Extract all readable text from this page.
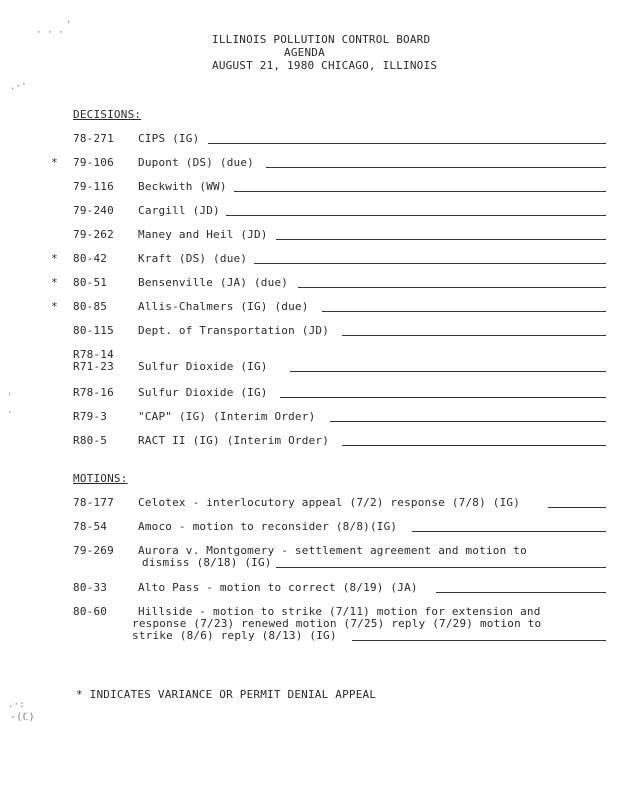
ILLINOIS POLLUTION CONTROL BOARD
AGENDA
AUGUST 21, 1980 CHICAGO, ILLINOIS
· · ·
'
.·'
'
·
.·:
·(ℂ)
DECISIONS:
78-271 CIPS (IG)
* 79-106 Dupont (DS) (due)
79-116 Beckwith (WW)
79-240 Cargill (JD)
79-262 Maney and Heil (JD)
* 80-42	Kraft (DS) (due)
* 80-51	Bensenville (JA) (due)
* 80-85	Allis-Chalmers (IG) (due)
80-115 Dept. of Transportation (JD)
R78-14
R71-23 Sulfur Dioxide (IG)
R78-16 Sulfur Dioxide (IG)
R79-3	"CAP" (IG) (Interim Order)
R80-5	RACT II (IG) (Interim Order)
MOTIONS:
78-177 Celotex - interlocutory appeal (7/2) response (7/8) (IG)
78-54	Amoco - motion to reconsider (8/8)(IG)
79-269 Aurora v. Montgomery - settlement agreement and motion to
dismiss (8/18) (IG)
80-33	Alto Pass - motion to correct (8/19) (JA)
80-60	Hillside - motion to strike (7/11) motion for extension and
response (7/23) renewed motion (7/25) reply (7/29) motion to
strike (8/6) reply (8/13) (IG)
* INDICATES VARIANCE OR PERMIT DENIAL APPEAL
